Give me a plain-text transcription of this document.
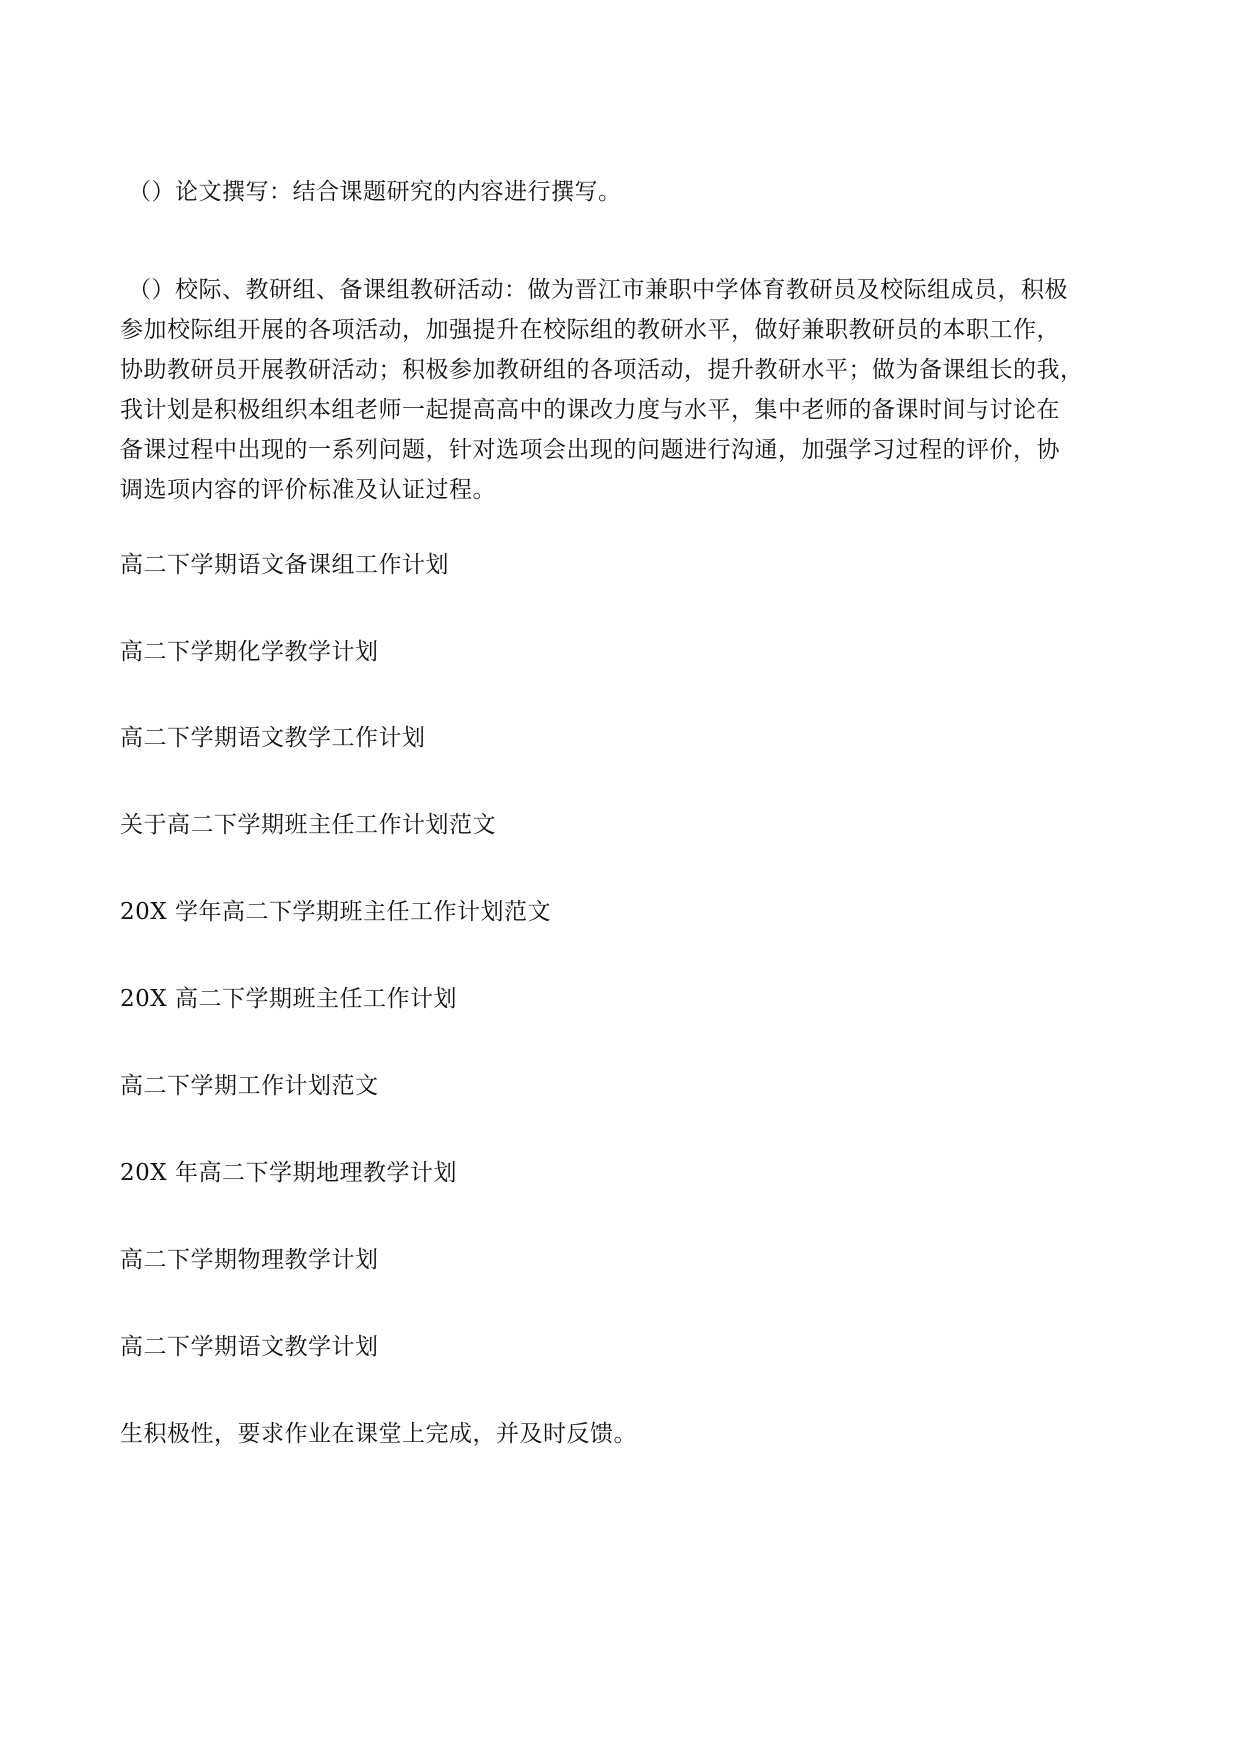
（）论文撰写：结合课题研究的内容进行撰写。

（）校际、教研组、备课组教研活动：做为晋江市兼职中学体育教研员及校际组成员，积极
参加校际组开展的各项活动，加强提升在校际组的教研水平，做好兼职教研员的本职工作，
协助教研员开展教研活动；积极参加教研组的各项活动，提升教研水平；做为备课组长的我，
我计划是积极组织本组老师一起提高高中的课改力度与水平，集中老师的备课时间与讨论在
备课过程中出现的一系列问题，针对选项会出现的问题进行沟通，加强学习过程的评价，协
调选项内容的评价标准及认证过程。

高二下学期语文备课组工作计划

高二下学期化学教学计划

高二下学期语文教学工作计划

关于高二下学期班主任工作计划范文

20X 学年高二下学期班主任工作计划范文

20X 高二下学期班主任工作计划

高二下学期工作计划范文

20X 年高二下学期地理教学计划

高二下学期物理教学计划

高二下学期语文教学计划

生积极性，要求作业在课堂上完成，并及时反馈。
